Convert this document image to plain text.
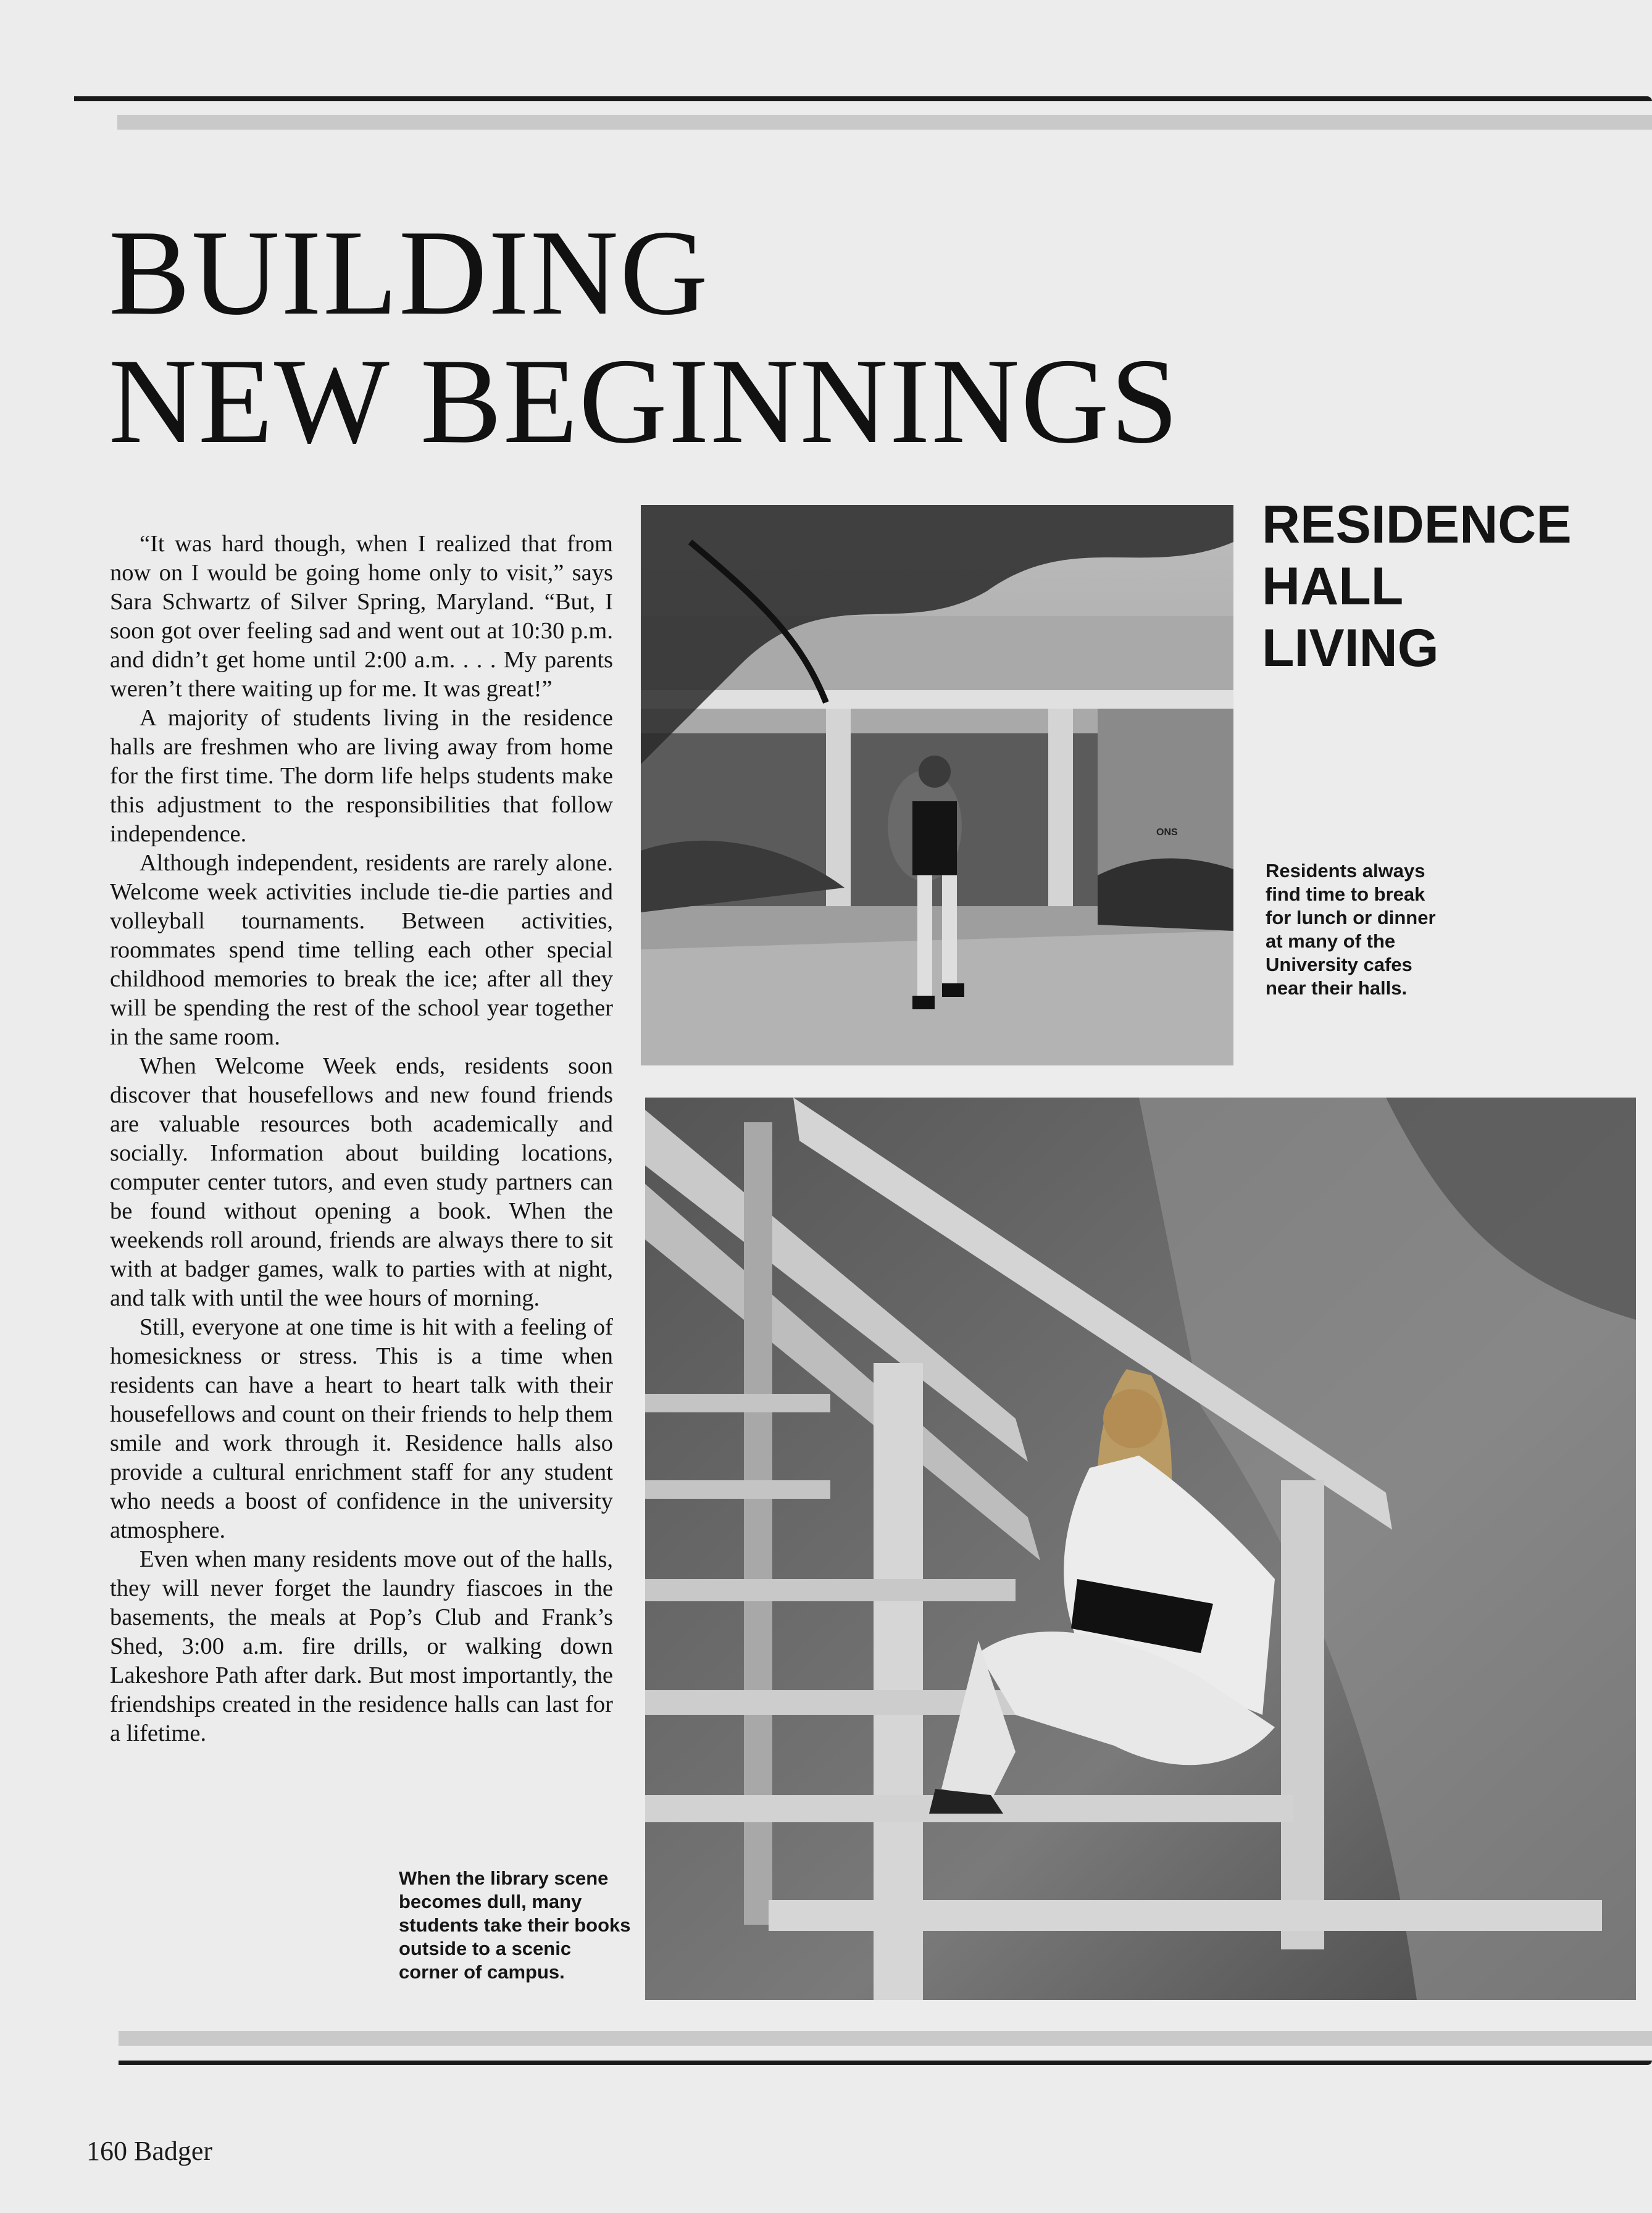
BUILDING
NEW BEGINNINGS

“It was hard though, when I realized that from now on I would be going home only to visit,” says Sara Schwartz of Silver Spring, Maryland. “But, I soon got over feeling sad and went out at 10:30 p.m. and didn’t get home until 2:00 a.m. . . . My parents weren’t there waiting up for me. It was great!”

A majority of students living in the residence halls are freshmen who are living away from home for the first time. The dorm life helps students make this adjustment to the responsibilities that follow independence.

Although independent, residents are rarely alone. Welcome week activities include tie-die parties and volleyball tournaments. Between activities, roommates spend time telling each other special childhood memories to break the ice; after all they will be spending the rest of the school year together in the same room.

When Welcome Week ends, residents soon discover that housefellows and new found friends are valuable resources both academically and socially. Information about building locations, computer center tutors, and even study partners can be found without opening a book. When the weekends roll around, friends are always there to sit with at badger games, walk to parties with at night, and talk with until the wee hours of morning.

Still, everyone at one time is hit with a feeling of homesickness or stress. This is a time when residents can have a heart to heart talk with their housefellows and count on their friends to help them smile and work through it. Residence halls also provide a cultural enrichment staff for any student who needs a boost of confidence in the university atmosphere.

Even when many residents move out of the halls, they will never forget the laundry fiascoes in the basements, the meals at Pop’s Club and Frank’s Shed, 3:00 a.m. fire drills, or walking down Lakeshore Path after dark. But most importantly, the friendships created in the residence halls can last for a lifetime.

ONS
RESIDENCE
HALL
LIVING
Residents always find time to break for lunch or dinner at many of the University cafes near their halls.
When the library scene becomes dull, many students take their books outside to a scenic corner of campus.
160 Badger
